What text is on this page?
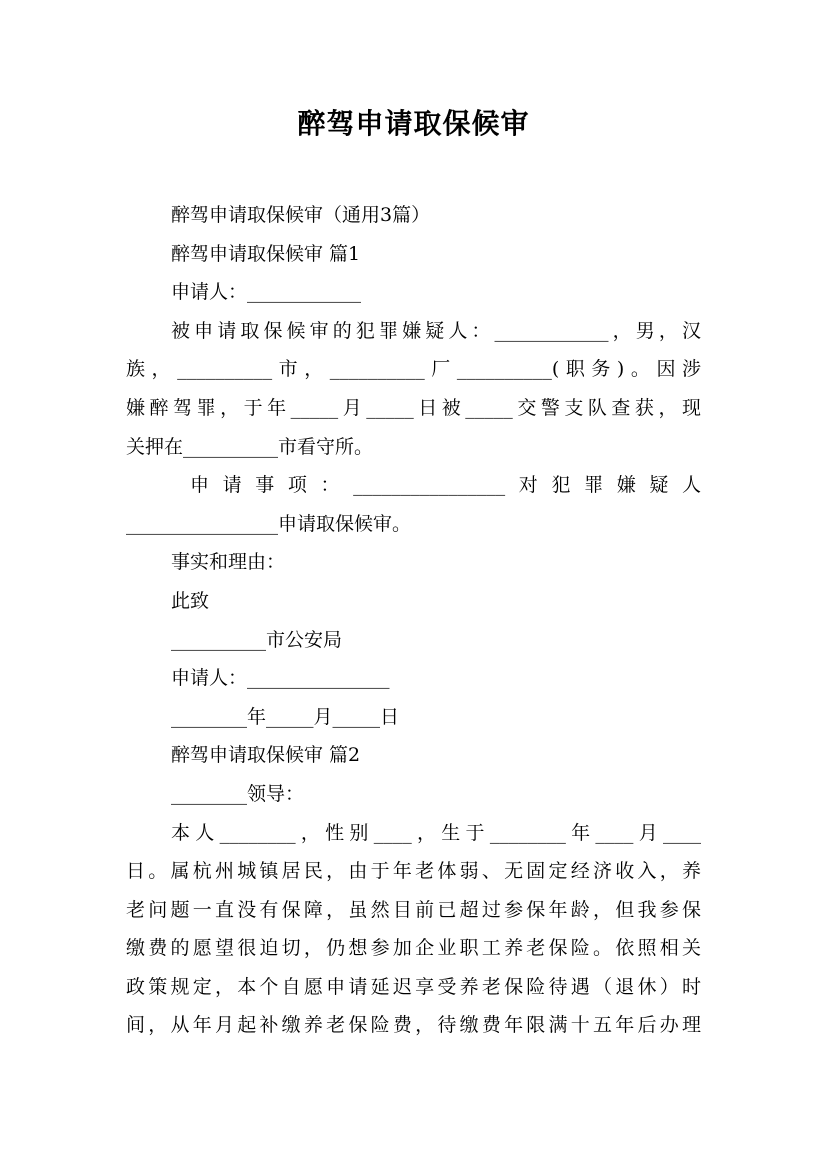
醉驾申请取保候审
醉驾申请取保候审（通用3篇）
醉驾申请取保候审 篇1
申请人：____________
被申请取保候审的犯罪嫌疑人：____________，男，汉
族，__________市，__________厂__________(职务)。因涉
嫌醉驾罪，于年_____月_____日被_____交警支队查获，现
关押在__________市看守所。
申请事项：________________对犯罪嫌疑人
________________申请取保候审。
事实和理由：
此致
__________市公安局
申请人：_______________
________年_____月_____日
醉驾申请取保候审 篇2
________领导：
本人________，性别____，生于________年____月____
日。属杭州城镇居民，由于年老体弱、无固定经济收入，养
老问题一直没有保障，虽然目前已超过参保年龄，但我参保
缴费的愿望很迫切，仍想参加企业职工养老保险。依照相关
政策规定，本个自愿申请延迟享受养老保险待遇（退休）时
间，从年月起补缴养老保险费，待缴费年限满十五年后办理
